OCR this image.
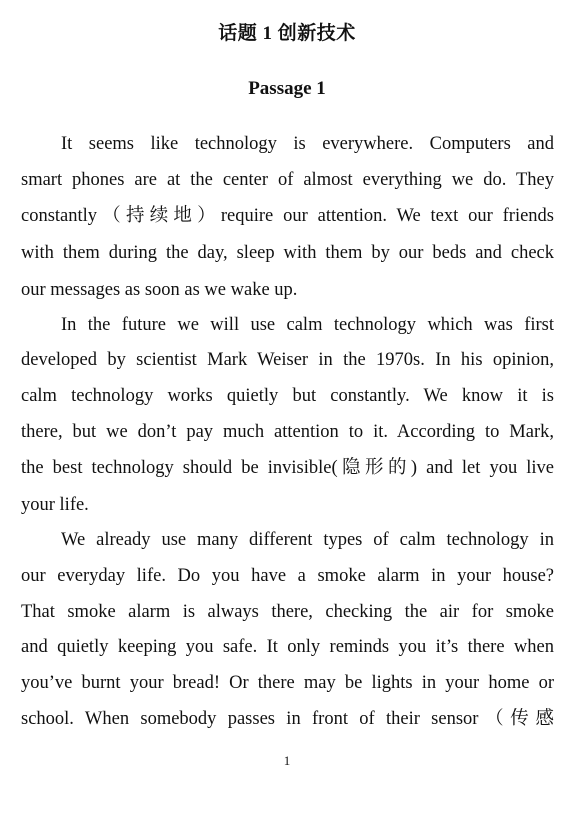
话题 1 创新技术
Passage 1
It seems like technology is everywhere. Computers and
smart phones are at the center of almost everything we do. They
constantly（持续地）require our attention. We text our friends
with them during the day, sleep with them by our beds and check
our messages as soon as we wake up.
In the future we will use calm technology which was first
developed by scientist Mark Weiser in the 1970s. In his opinion,
calm technology works quietly but constantly. We know it is
there, but we don’t pay much attention to it. According to Mark,
the best technology should be invisible(隐形的) and let you live
your life.
We already use many different types of calm technology in
our everyday life. Do you have a smoke alarm in your house?
That smoke alarm is always there, checking the air for smoke
and quietly keeping you safe. It only reminds you it’s there when
you’ve burnt your bread! Or there may be lights in your home or
school. When somebody passes in front of their sensor（传感
1
